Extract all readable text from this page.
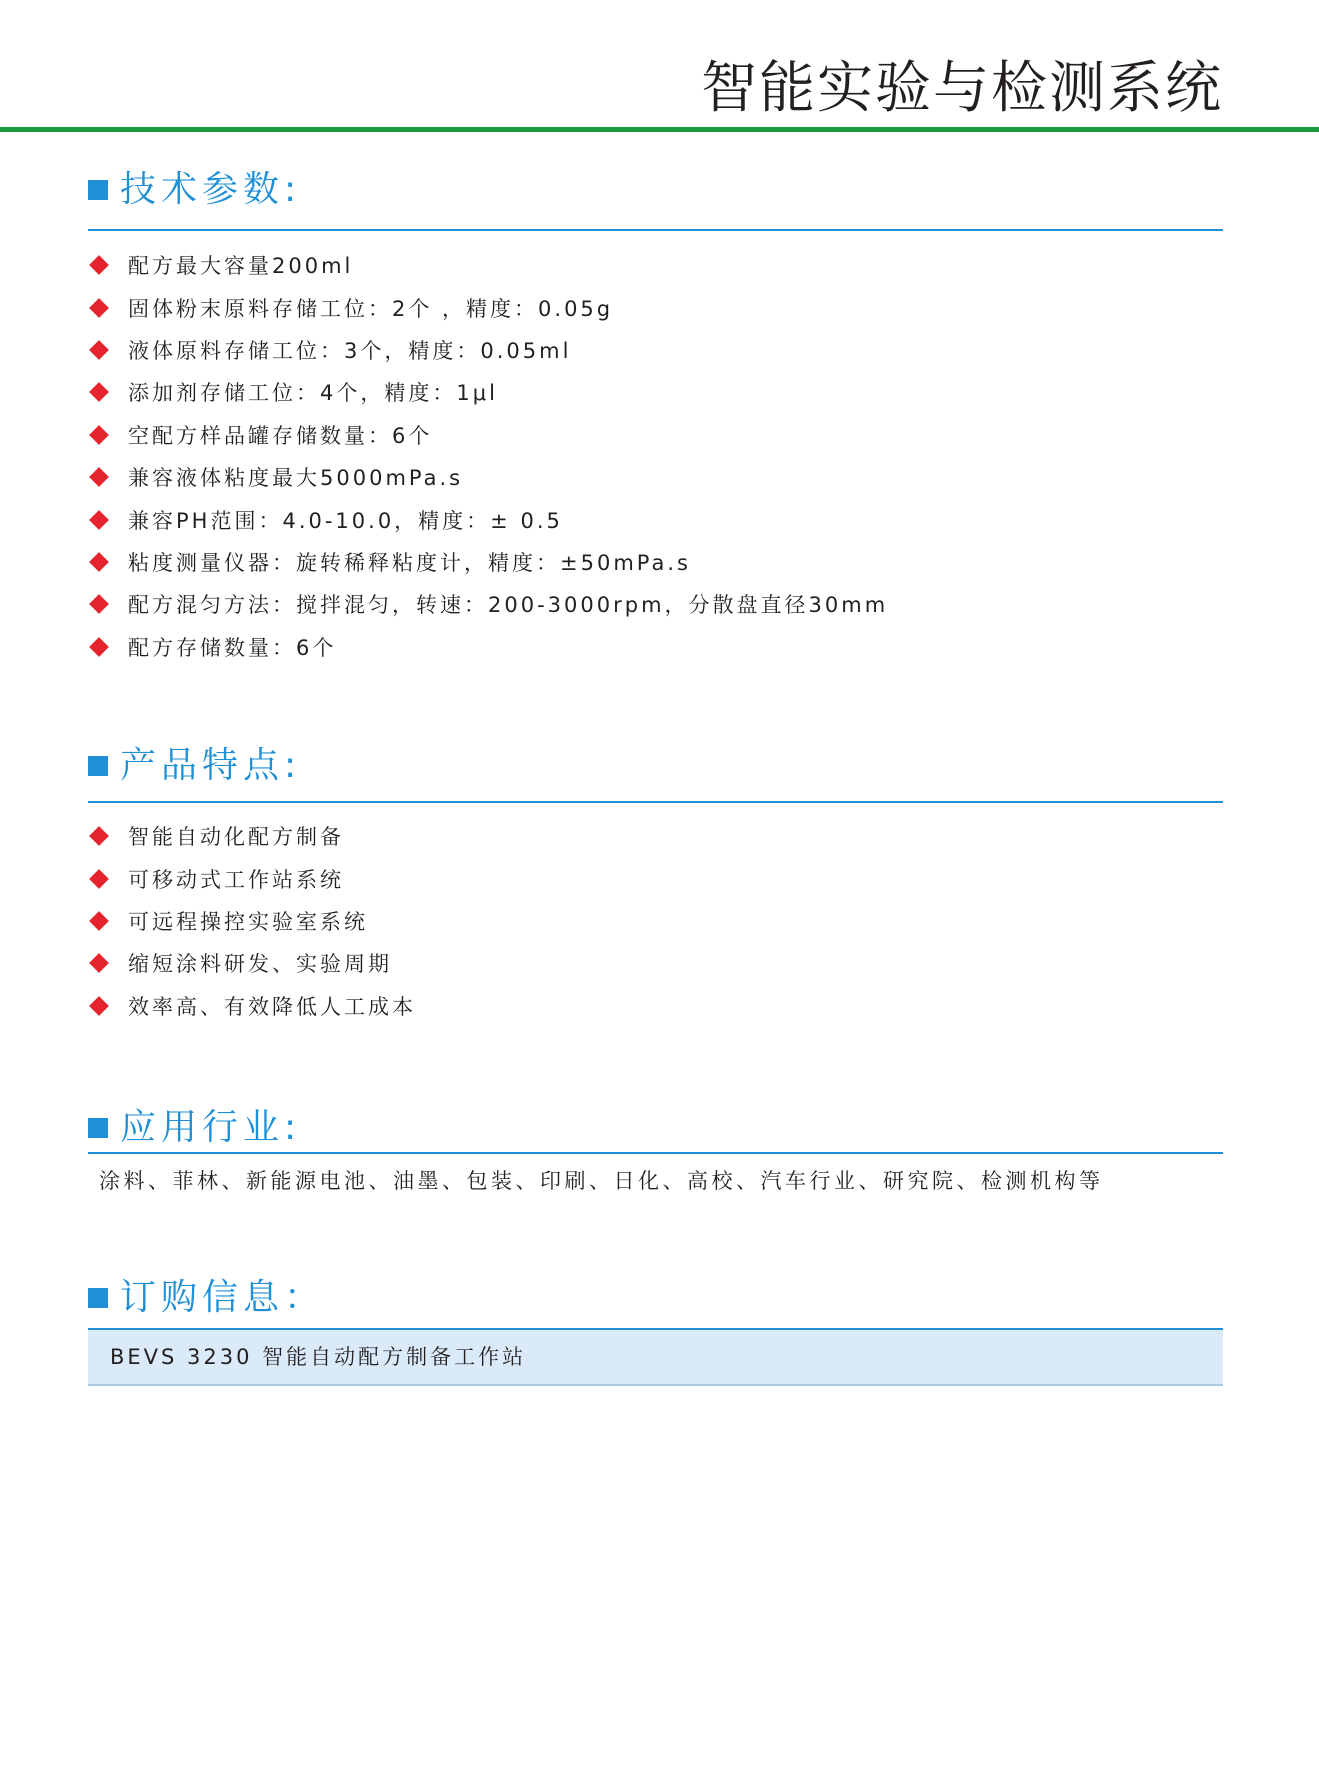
智能实验与检测系统
技术参数:
配方最大容量200ml
固体粉末原料存储工位：2个 ，精度：0.05g
液体原料存储工位：3个，精度：0.05ml
添加剂存储工位：4个，精度：1μl
空配方样品罐存储数量：6个
兼容液体粘度最大5000mPa.s
兼容PH范围：4.0-10.0，精度：± 0.5
粘度测量仪器：旋转稀释粘度计，精度：±50mPa.s
配方混匀方法：搅拌混匀，转速：200-3000rpm，分散盘直径30mm
配方存储数量：6个
产品特点:
智能自动化配方制备
可移动式工作站系统
可远程操控实验室系统
缩短涂料研发、实验周期
效率高、有效降低人工成本
应用行业:
涂料、菲林、新能源电池、油墨、包装、印刷、日化、高校、汽车行业、研究院、检测机构等
订购信息：
BEVS 3230 智能自动配方制备工作站
